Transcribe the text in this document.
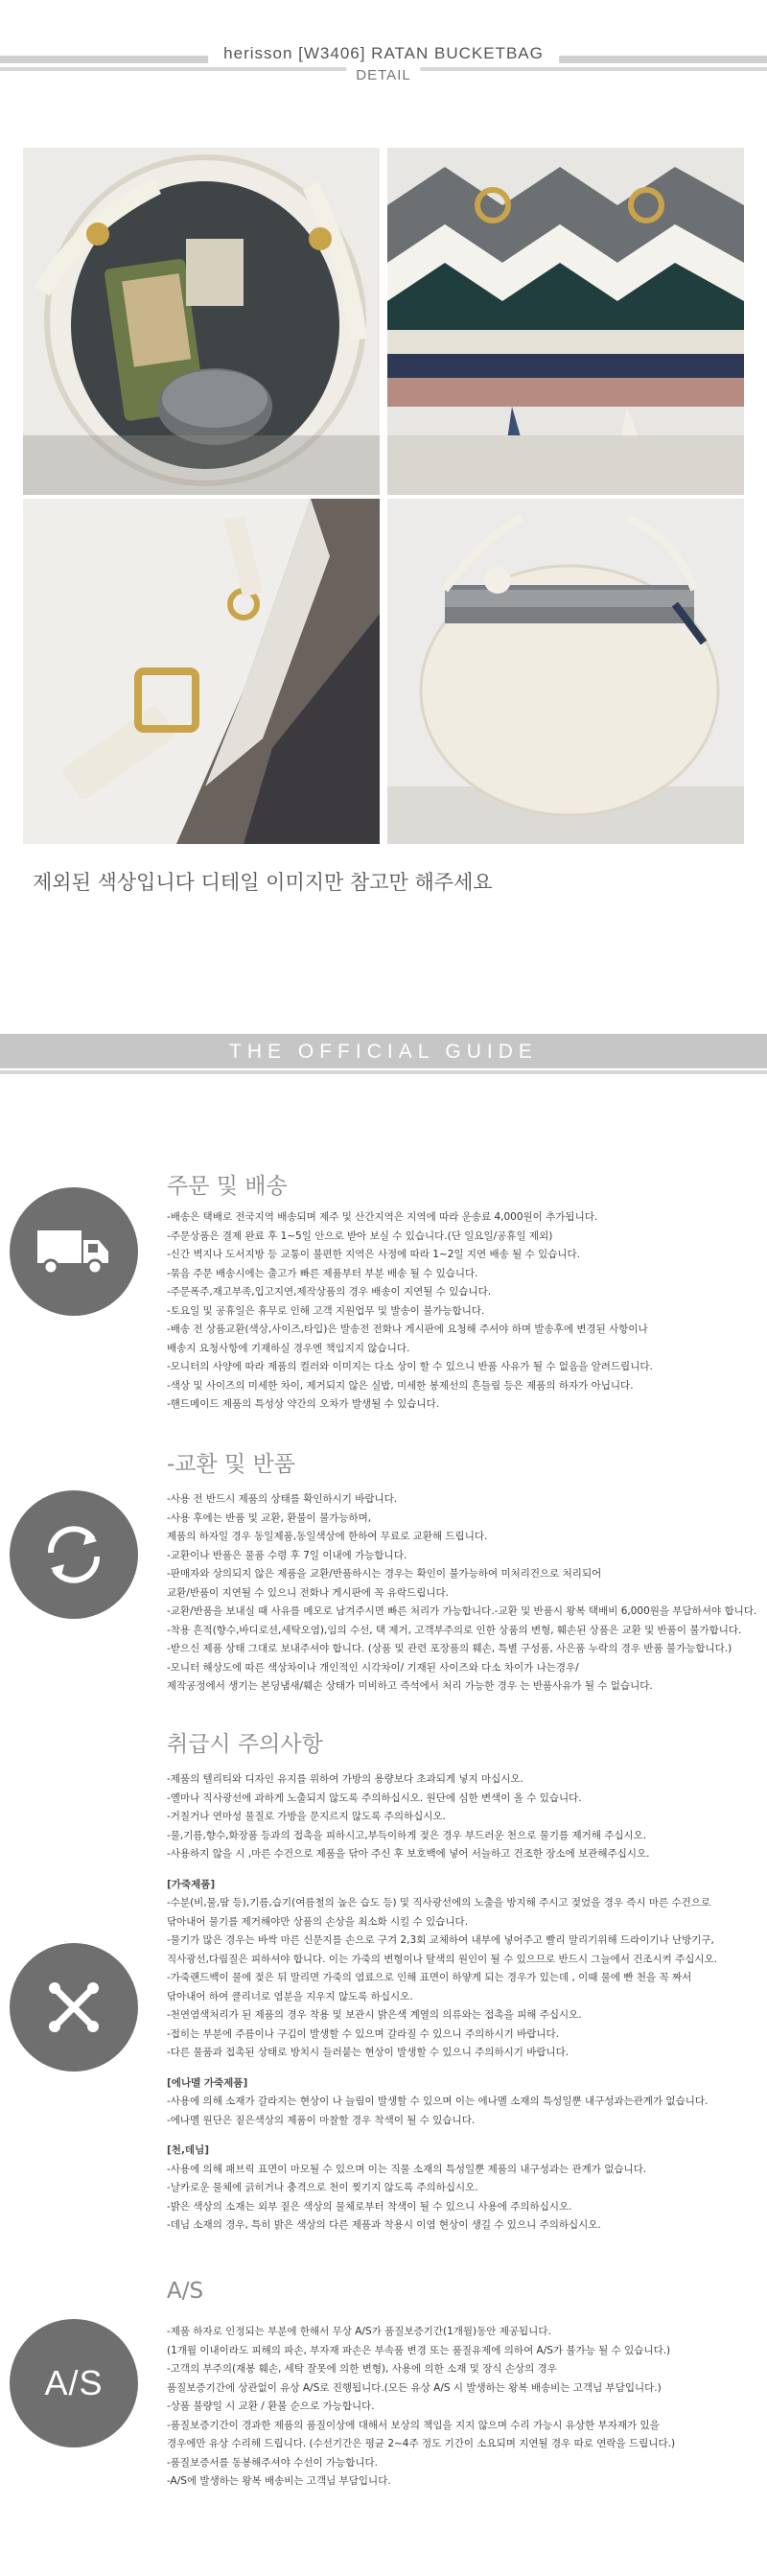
herisson [W3406] RATAN BUCKETBAG
DETAIL
제외된 색상입니다 디테일 이미지만 참고만 해주세요
THE OFFICIAL GUIDE
주문 및 배송
-배송은 택배로 전국지역 배송되며 제주 및 산간지역은 지역에 따라 운송료 4,000원이 추가됩니다.
-주문상품은 결제 완료 후 1~5일 안으로 받아 보실 수 있습니다.(단 일요일/공휴일 제외)
-신간 벽지나 도서지방 등 교통이 불편한 지역은 사정에 따라 1~2일 지연 배송 될 수 있습니다.
-묶음 주문 배송시에는 출고가 빠른 제품부터 부분 배송 될 수 있습니다.
-주문폭주,재고부족,입고지연,제작상품의 경우 배송이 지연될 수 있습니다.
-토요일 및 공휴일은 휴무로 인해 고객 지원업무 및 발송이 불가능합니다.
-배송 전 상품교환(색상,사이즈,타입)은 발송전 전화나 게시판에 요청해 주셔야 하며 발송후에 변경된 사항이나
배송지 요청사항에 기재하실 경우엔 책임지지 않습니다.
-모니터의 사양에 따라 제품의 컬러와 이미지는 다소 상이 할 수 있으니 반품 사유가 될 수 없음을 알려드립니다.
-색상 및 사이즈의 미세한 차이, 제거되지 않은 실밥, 미세한 봉제선의 흔들림 등은 제품의 하자가 아닙니다.
-핸드메이드 제품의 특성상 약간의 오차가 발생될 수 있습니다.
-교환 및 반품
-사용 전 반드시 제품의 상태를 확인하시기 바랍니다.
-사용 후에는 반품 및 교환, 환불이 불가능하며,
제품의 하자일 경우 동일제품,동일색상에 한하여 무료로 교환해 드립니다.
-교환이나 반품은 물품 수령 후 7일 이내에 가능합니다.
-판매자와 상의되지 않은 제품을 교환/반품하시는 경우는 확인이 불가능하여 미처리건으로 처리되어
교환/반품이 지연될 수 있으니 전화나 게시판에 꼭 유락드립니다.
-교환/반품을 보내실 때 사유를 메모로 남겨주시면 빠른 처리가 가능합니다.-교환 및 반품시 왕복 택배비 6,000원을 부담하셔야 합니다.
-착용 흔적(향수,바디로션,세탁오염),임의 수선, 택 제거, 고객부주의로 인한 상품의 변형, 훼손된 상품은 교환 및 반품이 불가합니다.
-받으신 제품 상태 그대로 보내주셔야 합니다. (상품 및 관련 포장품의 훼손, 특별 구성품, 사은품 누락의 경우 반품 불가능합니다.)
-모니터 해상도에 따른 색상차이나 개인적인 시각차이/ 기재된 사이즈와 다소 차이가 나는경우/
제작공정에서 생기는 본딩냄새/훼손 상태가 미비하고 즉석에서 처리 가능한 경우 는 반품사유가 될 수 없습니다.
취급시 주의사항
-제품의 텔리티와 디자인 유지를 위하여 가방의 용량보다 초과되게 넣지 마십시오.
-옐마나 직사광선에 과하게 노출되지 않도록 주의하십시오. 원단에 심한 변색이 올 수 있습니다.
-거칠거나 연마성 물질로 가방을 문지르지 않도록 주의하십시오.
-물,기름,향수,화장품 등과의 접촉을 피하시고,부득이하게 젖은 경우 부드러운 천으로 물기를 제거해 주십시오.
-사용하지 않을 시 ,마른 수건으로 제품을 닦아 주신 후 보호백에 넣어 서늘하고 건조한 장소에 보관해주십시오.
[가죽제품]
-수분(비,물,땀 등),기름,습기(여름철의 높은 습도 등) 및 직사광선에의 노출을 방지해 주시고 젖었을 경우 즉시 마른 수건으로
닦아내어 물기를 제거해야만 상품의 손상을 최소화 시킬 수 있습니다.
-물기가 많은 경우는 바싹 마른 신문지를 손으로 구겨 2,3회 교체하여 내부에 넣어주고 빨리 말리기위해 드라이기나 난방기구,
직사광선,다림질은 피하셔야 합니다. 이는 가죽의 변형이나 탈색의 원인이 될 수 있으므로 반드시 그늘에서 건조시켜 주십시오.
-가죽랜드백이 물에 젖은 뒤 말리면 가죽의 염료으로 인해 표면이 하얗게 되는 경우가 있는데 , 이때 물에 빤 천을 꼭 짜서
닦아내어 하여 클리너로 염분을 지우지 않도록 하십시오.
-천연염색처리가 된 제품의 경우 착용 및 보관시 밝은색 계열의 의류와는 접촉을 피해 주십시오.
-접히는 부분에 주름이나 구김이 발생할 수 있으며 갈라질 수 있으니 주의하시기 바랍니다.
-다른 물품과 접촉된 상태로 방치시 들러붙는 현상이 발생할 수 있으니 주의하시기 바랍니다.
[에나멜 가죽제품]
-사용에 의해 소재가 갈라지는 현상이 나 늘림이 발생할 수 있으며 이는 에나멜 소재의 특성일뿐 내구성과는관계가 없습니다.
-에나멜 원단은 짙은색상의 제품이 마찰할 경우 착색이 될 수 있습니다.
[천,데님]
-사용에 의해 패브릭 표면이 마모될 수 있으며 이는 직물 소재의 특성일뿐 제품의 내구성과는 관계가 없습니다.
-날카로운 물체에 긁히거나 충격으로 천이 찢기지 않도록 주의하십시오.
-밝은 색상의 소재는 외부 짙은 색상의 물체로부터 착색이 될 수 있으니 사용에 주의하십시오.
-데님 소재의 경우, 특히 밝은 색상의 다른 제품과 착용시 이염 현상이 생길 수 있으니 주의하십시오.
A/S
A/S
-제품 하자로 인정되는 부분에 한해서 무상 A/S가 품질보증기간(1개월)동안 제공됩니다.
(1개월 이내이라도 피해의 파손, 부자재 파손은 부속품 변경 또는 품질유제에 의하여 A/S가 불가능 될 수 있습니다.)
-고객의 부주의(재봉 훼손, 세탁 잘못에 의한 변형), 사용에 의한 소재 및 장식 손상의 경우
품질보증기간에 상관없이 유상 A/S로 진행됩니다.(모든 유상 A/S 시 발생하는 왕복 배송비는 고객님 부담입니다.)
-상품 불량일 시 교환 / 환불 순으로 가능합니다.
-품질보증기간이 경과한 제품의 품질이상에 대해서 보상의 책임을 지지 않으며 수리 가능시 유상한 부자재가 있을
경우에만 유상 수리해 드립니다. (수선기간은 평균 2~4주 정도 기간이 소요되며 지연될 경우 따로 연락을 드립니다.)
-품질보증서를 동봉해주셔야 수선이 가능합니다.
-A/S에 발생하는 왕복 배송비는 고객님 부담입니다.
